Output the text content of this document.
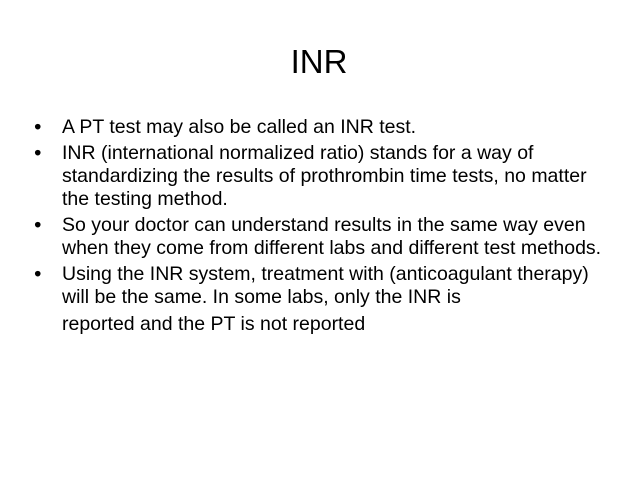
INR
• A PT test may also be called an INR test.
• INR (international normalized ratio) stands for a way of standardizing the results of prothrombin time tests, no matter the testing method.
• So your doctor can understand results in the same way even when they come from different labs and different test methods.
• Using the INR system, treatment with (anticoagulant therapy) will be the same. In some labs, only the INR is
reported and the PT is not reported
